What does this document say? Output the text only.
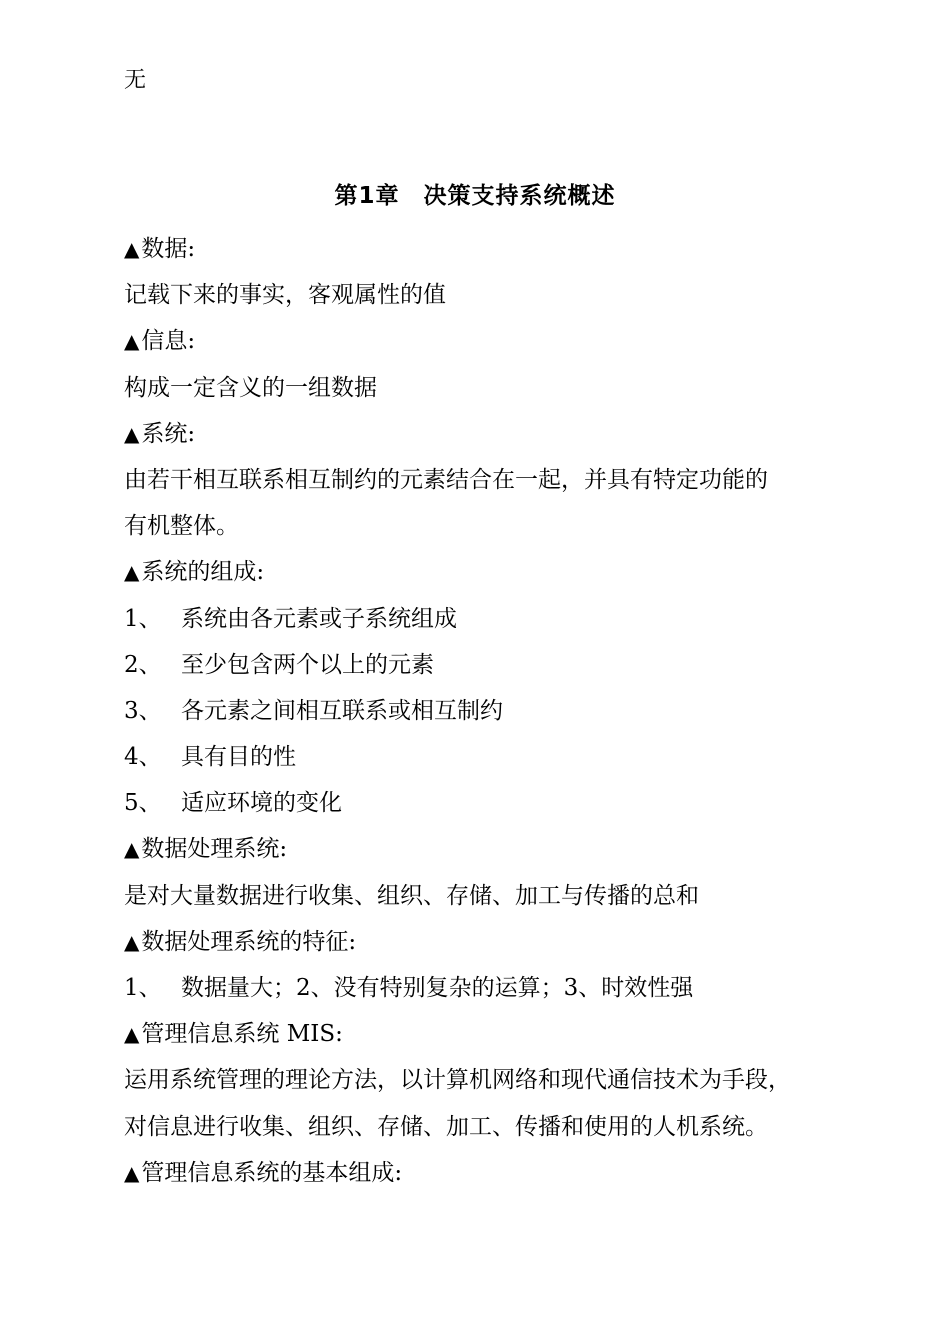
无
第1章 决策支持系统概述
▲数据:
记载下来的事实，客观属性的值
▲信息:
构成一定含义的一组数据
▲系统:
由若干相互联系相互制约的元素结合在一起，并具有特定功能的
有机整体。
▲系统的组成:
1、 系统由各元素或子系统组成
2、 至少包含两个以上的元素
3、 各元素之间相互联系或相互制约
4、 具有目的性
5、 适应环境的变化
▲数据处理系统:
是对大量数据进行收集、组织、存储、加工与传播的总和
▲数据处理系统的特征:
1、 数据量大；2、没有特别复杂的运算；3、时效性强
▲管理信息系统 MIS:
运用系统管理的理论方法，以计算机网络和现代通信技术为手段，
对信息进行收集、组织、存储、加工、传播和使用的人机系统。
▲管理信息系统的基本组成:
